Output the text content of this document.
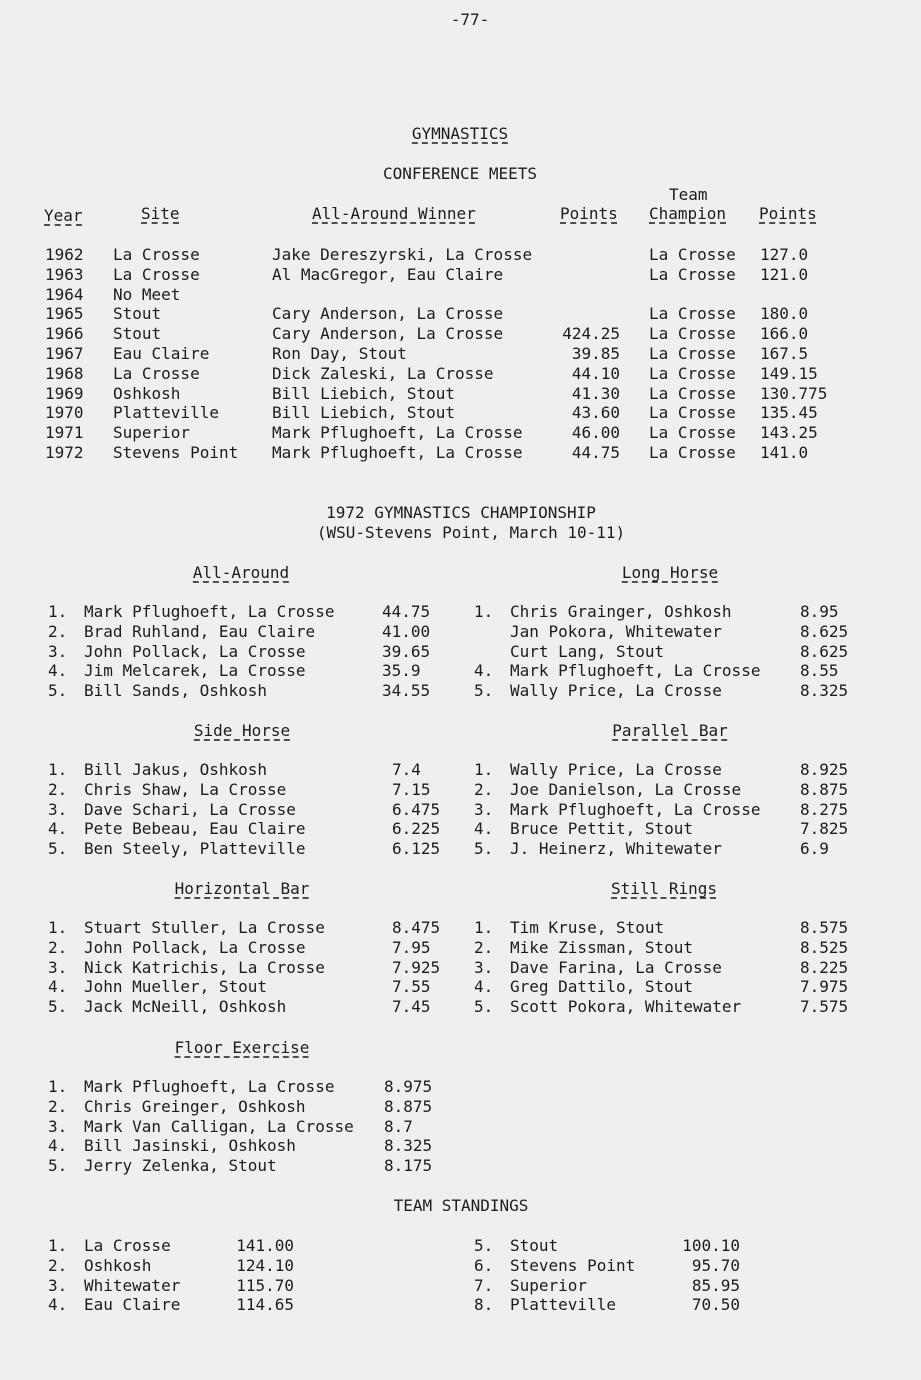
-77-
GYMNASTICS
CONFERENCE MEETS
Year	Site	All-Around Winner	Points
Team
Champion Points
1962 La Crosse	Jake Dereszyrski, La Crosse	La Crosse 127.0
1963 La Crosse	Al MacGregor, Eau Claire	La Crosse 121.0
1964 No Meet
1965 Stout	Cary Anderson, La Crosse	La Crosse 180.0
1966 Stout	Cary Anderson, La Crosse	424.25 La Crosse 166.0
1967 Eau Claire	Ron Day, Stout	39.85 La Crosse 167.5
1968 La Crosse	Dick Zaleski, La Crosse	44.10 La Crosse 149.15
1969 Oshkosh	Bill Liebich, Stout	41.30 La Crosse 130.775
1970 Platteville	Bill Liebich, Stout	43.60 La Crosse 135.45
1971 Superior	Mark Pflughoeft, La Crosse	46.00 La Crosse 143.25
1972 Stevens Point Mark Pflughoeft, La Crosse	44.75 La Crosse 141.0
1972 GYMNASTICS CHAMPIONSHIP
(WSU-Stevens Point, March 10-11)
All-Around
1. Mark Pflughoeft, La Crosse	44.75
2. Brad Ruhland, Eau Claire	41.00
3. John Pollack, La Crosse	39.65
4. Jim Melcarek, La Crosse	35.9
5. Bill Sands, Oshkosh	34.55
Long Horse
1. Chris Grainger, Oshkosh	8.95
Jan Pokora, Whitewater	8.625
Curt Lang, Stout	8.625
4. Mark Pflughoeft, La Crosse 8.55
5. Wally Price, La Crosse	8.325
Side Horse
1. Bill Jakus, Oshkosh	7.4
2. Chris Shaw, La Crosse	7.15
3. Dave Schari, La Crosse	6.475
4. Pete Bebeau, Eau Claire	6.225
5. Ben Steely, Platteville	6.125
Parallel Bar
1. Wally Price, La Crosse	8.925
2. Joe Danielson, La Crosse	8.875
3. Mark Pflughoeft, La Crosse 8.275
4. Bruce Pettit, Stout	7.825
5. J. Heinerz, Whitewater	6.9
Horizontal Bar
1. Stuart Stuller, La Crosse	8.475
2. John Pollack, La Crosse	7.95
3. Nick Katrichis, La Crosse	7.925
4. John Mueller, Stout	7.55
5. Jack McNeill, Oshkosh	7.45
Still Rings
1. Tim Kruse, Stout	8.575
2. Mike Zissman, Stout	8.525
3. Dave Farina, La Crosse	8.225
4. Greg Dattilo, Stout	7.975
5. Scott Pokora, Whitewater	7.575
Floor Exercise
1. Mark Pflughoeft, La Crosse	8.975
2. Chris Greinger, Oshkosh	8.875
3. Mark Van Calligan, La Crosse 8.7
4. Bill Jasinski, Oshkosh	8.325
5. Jerry Zelenka, Stout	8.175
TEAM STANDINGS
1. La Crosse	141.00
2. Oshkosh	124.10
3. Whitewater	115.70
4. Eau Claire	114.65
5. Stout	100.10
6. Stevens Point	95.70
7. Superior	85.95
8. Platteville	70.50
